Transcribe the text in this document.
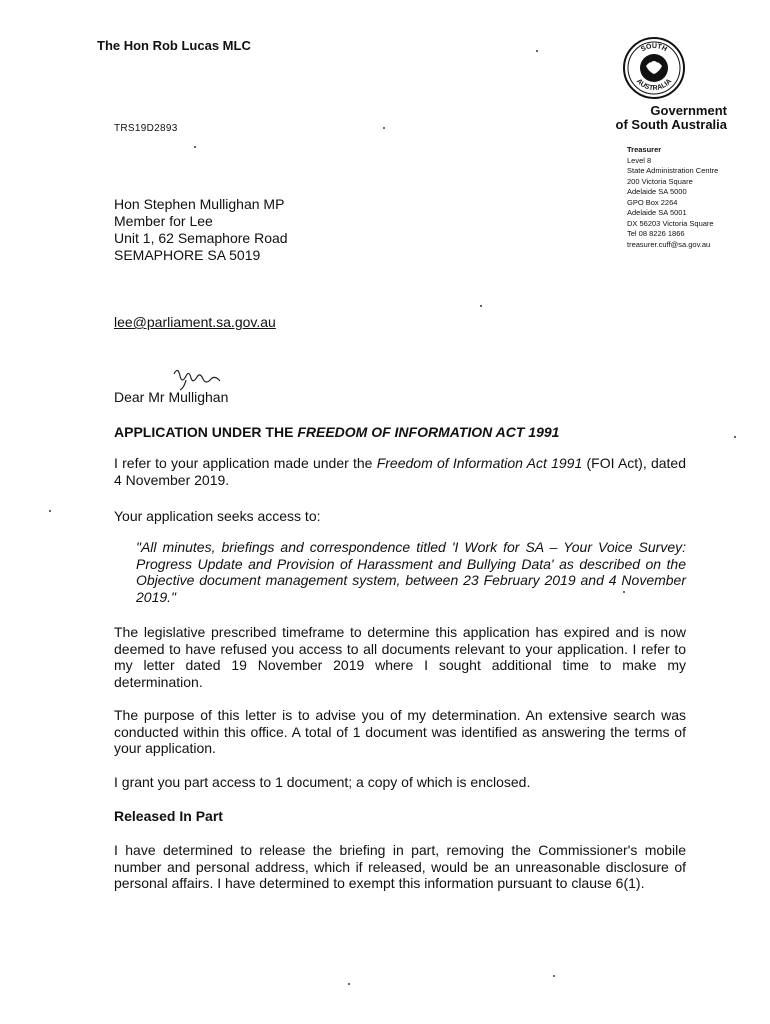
The Hon Rob Lucas MLC	SOUTH
AUSTRALIA
Government
of South Australia
TRS19D2893
Treasurer
Level 8
State Administration Centre
200 Victoria Square
Adelaide SA 5000
GPO Box 2264
Adelaide SA 5001
DX 56203 Victoria Square
Tel 08 8226 1866
treasurer.cuff@sa.gov.au
Hon Stephen Mullighan MP
Member for Lee
Unit 1, 62 Semaphore Road
SEMAPHORE SA 5019
lee@parliament.sa.gov.au
Dear Mr Mullighan
APPLICATION UNDER THE FREEDOM OF INFORMATION ACT 1991
I refer to your application made under the Freedom of Information Act 1991 (FOI Act), dated 4 November 2019.
Your application seeks access to:
"All minutes, briefings and correspondence titled 'I Work for SA – Your Voice Survey: Progress Update and Provision of Harassment and Bullying Data' as described on the Objective document management system, between 23 February 2019 and 4 November 2019."
The legislative prescribed timeframe to determine this application has expired and is now deemed to have refused you access to all documents relevant to your application. I refer to my letter dated 19 November 2019 where I sought additional time to make my determination.
The purpose of this letter is to advise you of my determination. An extensive search was conducted within this office. A total of 1 document was identified as answering the terms of your application.
I grant you part access to 1 document; a copy of which is enclosed.
Released In Part
I have determined to release the briefing in part, removing the Commissioner's mobile number and personal address, which if released, would be an unreasonable disclosure of personal affairs. I have determined to exempt this information pursuant to clause 6(1).
